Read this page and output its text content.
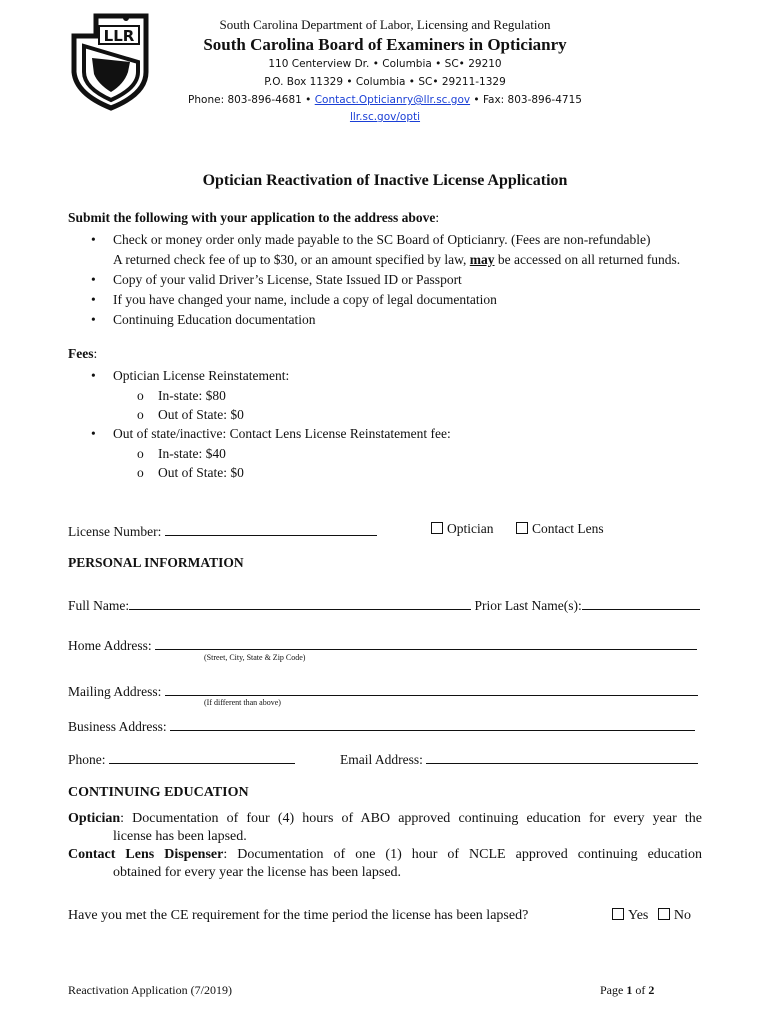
LLR
South Carolina Department of Labor, Licensing and Regulation
South Carolina Board of Examiners in Opticianry
110 Centerview Dr. • Columbia • SC• 29210
P.O. Box 11329 • Columbia • SC• 29211-1329
Phone: 803-896-4681 • Contact.Opticianry@llr.sc.gov • Fax: 803-896-4715
llr.sc.gov/opti
Optician Reactivation of Inactive License Application
Submit the following with your application to the address above:
• Check or money order only made payable to the SC Board of Opticianry. (Fees are non-refundable)
A returned check fee of up to $30, or an amount specified by law, may be accessed on all returned funds.
• Copy of your valid Driver’s License, State Issued ID or Passport
• If you have changed your name, include a copy of legal documentation
• Continuing Education documentation
Fees:
• Optician License Reinstatement:
o In-state: $80
o Out of State: $0
• Out of state/inactive: Contact Lens License Reinstatement fee:
o In-state: $40
o Out of State: $0
License Number:	Optician	Contact Lens
PERSONAL INFORMATION
Full Name:	Prior Last Name(s):
Home Address:
(Street, City, State & Zip Code)
Mailing Address:
(If different than above)
Business Address:
Phone:	Email Address:
CONTINUING EDUCATION
Optician: Documentation of four (4) hours of ABO approved continuing education for every year the
license has been lapsed.
Contact Lens Dispenser: Documentation of one (1) hour of NCLE approved continuing education
obtained for every year the license has been lapsed.
Have you met the CE requirement for the time period the license has been lapsed?	Yes No
Reactivation Application (7/2019)	Page 1 of 2
